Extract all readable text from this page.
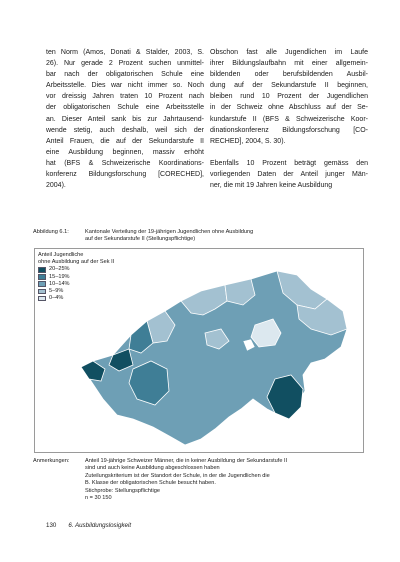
ten Norm (Amos, Donati & Stalder, 2003, S.
26). Nur gerade 2 Prozent suchen unmittel-
bar nach der obligatorischen Schule eine
Arbeitsstelle. Dies war nicht immer so. Noch
vor dreissig Jahren traten 10 Prozent nach
der obligatorischen Schule eine Arbeitsstelle
an. Dieser Anteil sank bis zur Jahrtausend-
wende stetig, auch deshalb, weil sich der
Anteil Frauen, die auf der Sekundarstufe II
eine Ausbildung beginnen, massiv erhöht
hat (BFS & Schweizerische Koordinations-
konferenz Bildungsforschung [CORECHED],
2004).

Obschon fast alle Jugendlichen im Laufe
ihrer Bildungslaufbahn mit einer allgemein-
bildenden oder berufsbildenden Ausbil-
dung auf der Sekundarstufe II beginnen,
bleiben rund 10 Prozent der Jugendlichen
in der Schweiz ohne Abschluss auf der Se-
kundarstufe II (BFS & Schweizerische Koor-
dinationskonferenz Bildungsforschung [CO-
RECHED], 2004, S. 30).

Ebenfalls 10 Prozent beträgt gemäss den
vorliegenden Daten der Anteil junger Män-
ner, die mit 19 Jahren keine Ausbildung

Abbildung 6.1:	Kantonale Verteilung der 19-jährigen Jugendlichen ohne Ausbildung
auf der Sekundarstufe II (Stellungspflichtige)
Anteil Jugendliche
ohne Ausbildung auf der Sek II
20–25%
15–19%
10–14%
5–9%
0–4%
Anmerkungen:	Anteil 19-jährige Schweizer Männer, die in keiner Ausbildung der Sekundarstufe II
sind und auch keine Ausbildung abgeschlossen haben
Zuteilungskriterium ist der Standort der Schule, in der die Jugendlichen die
B. Klasse der obligatorischen Schule besucht haben.
Stichprobe: Stellungspflichtige
n = 30 150
130 6. Ausbildungslosigkeit
